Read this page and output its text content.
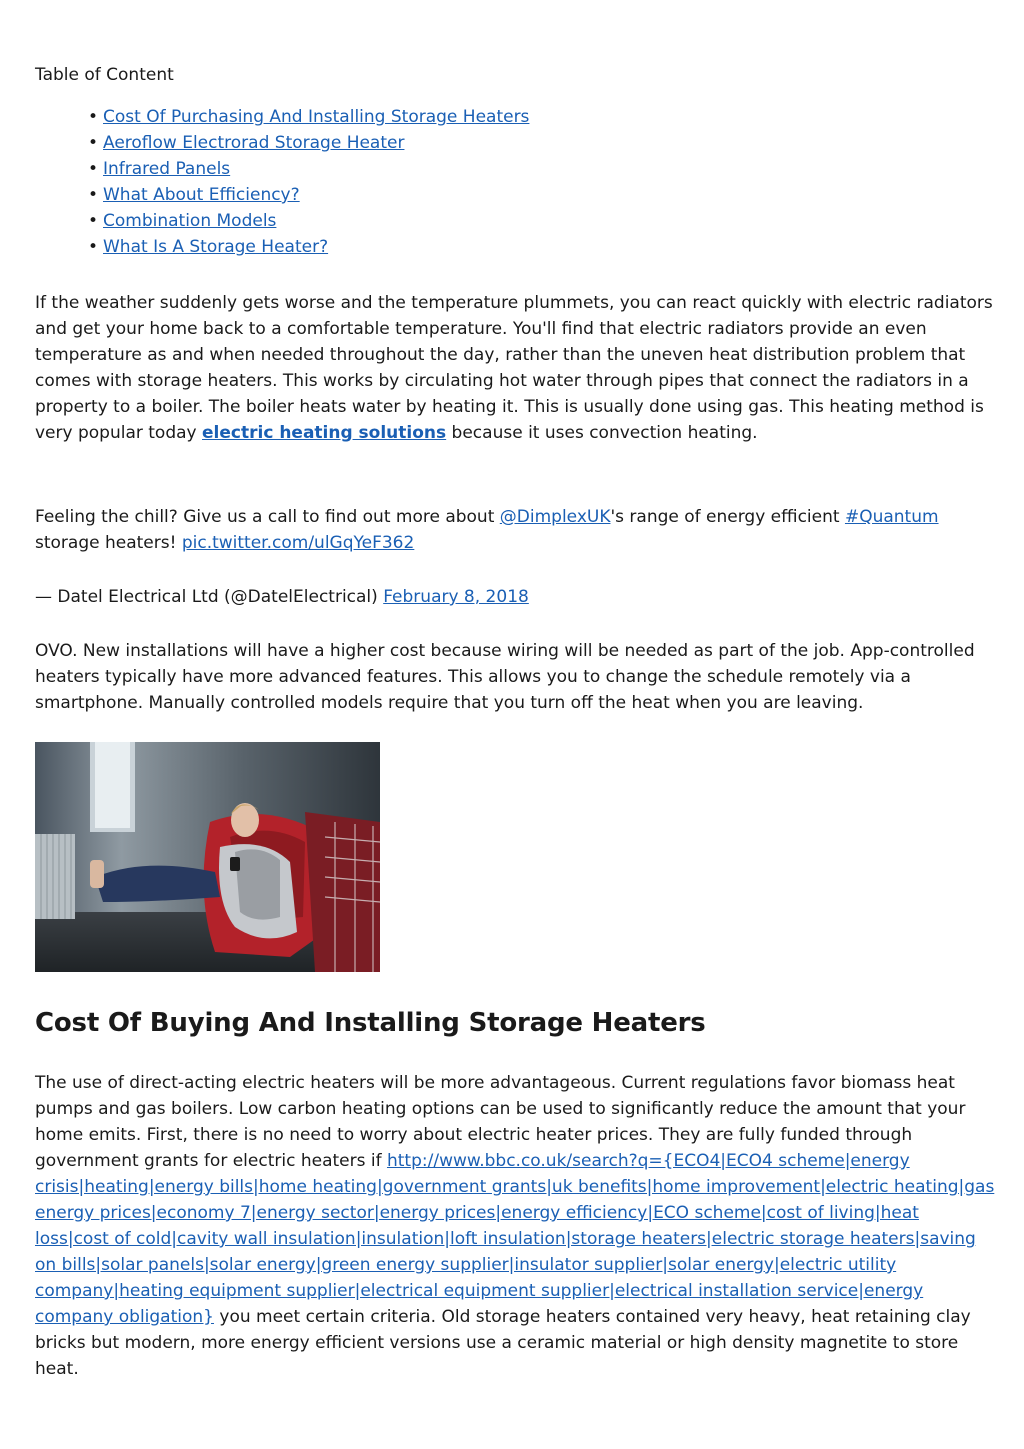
Table of Content

• Cost Of Purchasing And Installing Storage Heaters
• Aeroflow Electrorad Storage Heater
• Infrared Panels
• What About Efficiency?
• Combination Models
• What Is A Storage Heater?

If the weather suddenly gets worse and the temperature plummets, you can react quickly with electric radiators and get your home back to a comfortable temperature. You'll find that electric radiators provide an even temperature as and when needed throughout the day, rather than the uneven heat distribution problem that comes with storage heaters. This works by circulating hot water through pipes that connect the radiators in a property to a boiler. The boiler heats water by heating it. This is usually done using gas. This heating method is very popular today electric heating solutions because it uses convection heating.

Feeling the chill? Give us a call to find out more about @DimplexUK's range of energy efficient #Quantum storage heaters! pic.twitter.com/ulGqYeF362

— Datel Electrical Ltd (@DatelElectrical) February 8, 2018

OVO. New installations will have a higher cost because wiring will be needed as part of the job. App-controlled heaters typically have more advanced features. This allows you to change the schedule remotely via a smartphone. Manually controlled models require that you turn off the heat when you are leaving.

Cost Of Buying And Installing Storage Heaters

The use of direct-acting electric heaters will be more advantageous. Current regulations favor biomass heat pumps and gas boilers. Low carbon heating options can be used to significantly reduce the amount that your home emits. First, there is no need to worry about electric heater prices. They are fully funded through government grants for electric heaters if http://www.bbc.co.uk/search?q={ECO4|ECO4 scheme|energy crisis|heating|energy bills|home heating|government grants|uk benefits|home improvement|electric heating|gas energy prices|economy 7|energy sector|energy prices|energy efficiency|ECO scheme|cost of living|heat loss|cost of cold|cavity wall insulation|insulation|loft insulation|storage heaters|electric storage heaters|saving on bills|solar panels|solar energy|green energy supplier|insulator supplier|solar energy|electric utility company|heating equipment supplier|electrical equipment supplier|electrical installation service|energy company obligation} you meet certain criteria. Old storage heaters contained very heavy, heat retaining clay bricks but modern, more energy efficient versions use a ceramic material or high density magnetite to store heat.
